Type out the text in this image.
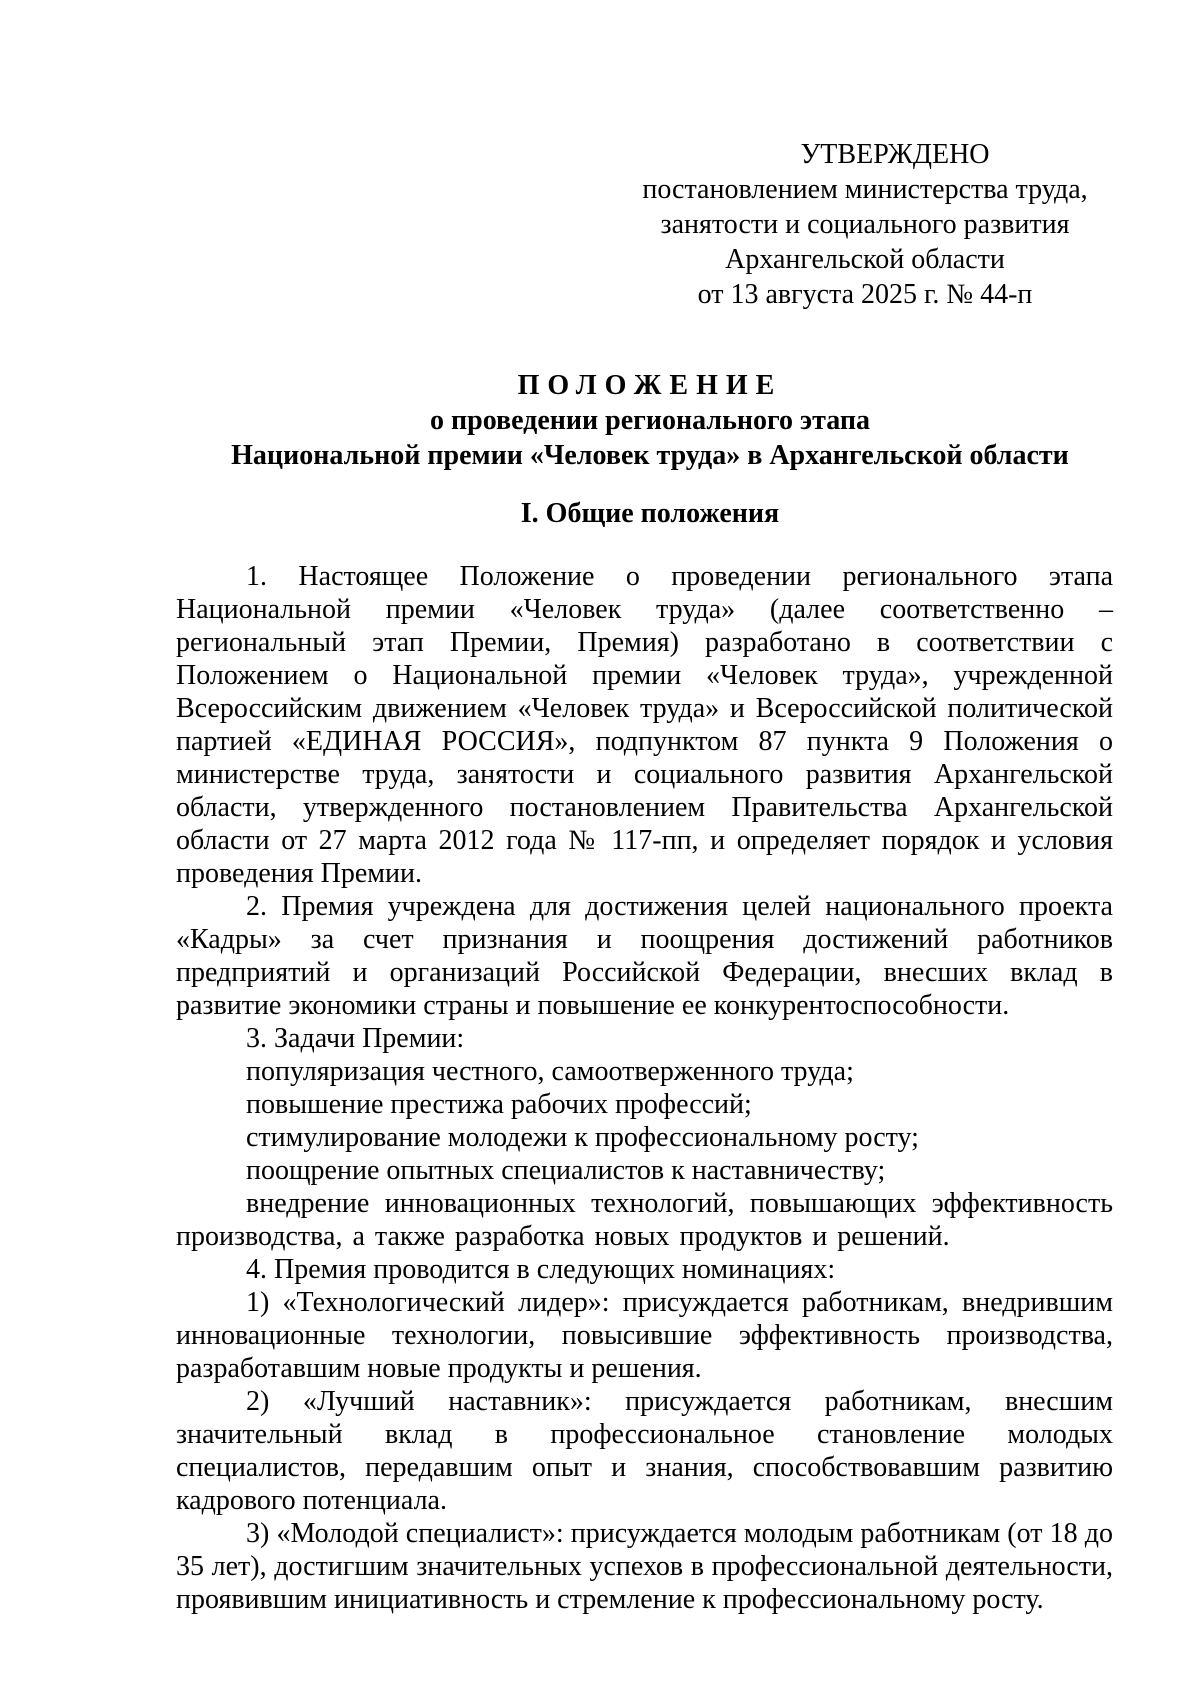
УТВЕРЖДЕНО
постановлением министерства труда,
занятости и социального развития
Архангельской области
от 13 августа 2025 г. № 44-п
ПОЛОЖЕНИЕ
о проведении регионального этапа
Национальной премии «Человек труда» в Архангельской области
I. Общие положения

1. Настоящее Положение о проведении регионального этапа Национальной премии «Человек труда» (далее соответственно – региональный этап Премии, Премия) разработано в соответствии с Положением о Национальной премии «Человек труда», учрежденной Всероссийским движением «Человек труда» и Всероссийской политической партией «ЕДИНАЯ РОССИЯ», подпунктом 87 пункта 9 Положения о министерстве труда, занятости и социального развития Архангельской области, утвержденного постановлением Правительства Архангельской области от 27 марта 2012 года № 117-пп, и определяет порядок и условия проведения Премии.

2. Премия учреждена для достижения целей национального проекта «Кадры» за счет признания и поощрения достижений работников предприятий и организаций Российской Федерации, внесших вклад в развитие экономики страны и повышение ее конкурентоспособности.

3. Задачи Премии:

популяризация честного, самоотверженного труда;

повышение престижа рабочих профессий;

стимулирование молодежи к профессиональному росту;

поощрение опытных специалистов к наставничеству;

внедрение инновационных технологий, повышающих эффективность производства, а также разработка новых продуктов и решений.

4. Премия проводится в следующих номинациях:

1) «Технологический лидер»: присуждается работникам, внедрившим инновационные технологии, повысившие эффективность производства, разработавшим новые продукты и решения.

2) «Лучший наставник»: присуждается работникам, внесшим значительный вклад в профессиональное становление молодых специалистов, передавшим опыт и знания, способствовавшим развитию кадрового потенциала.

3) «Молодой специалист»: присуждается молодым работникам (от 18 до 35 лет), достигшим значительных успехов в профессиональной деятельности, проявившим инициативность и стремление к профессиональному росту.
